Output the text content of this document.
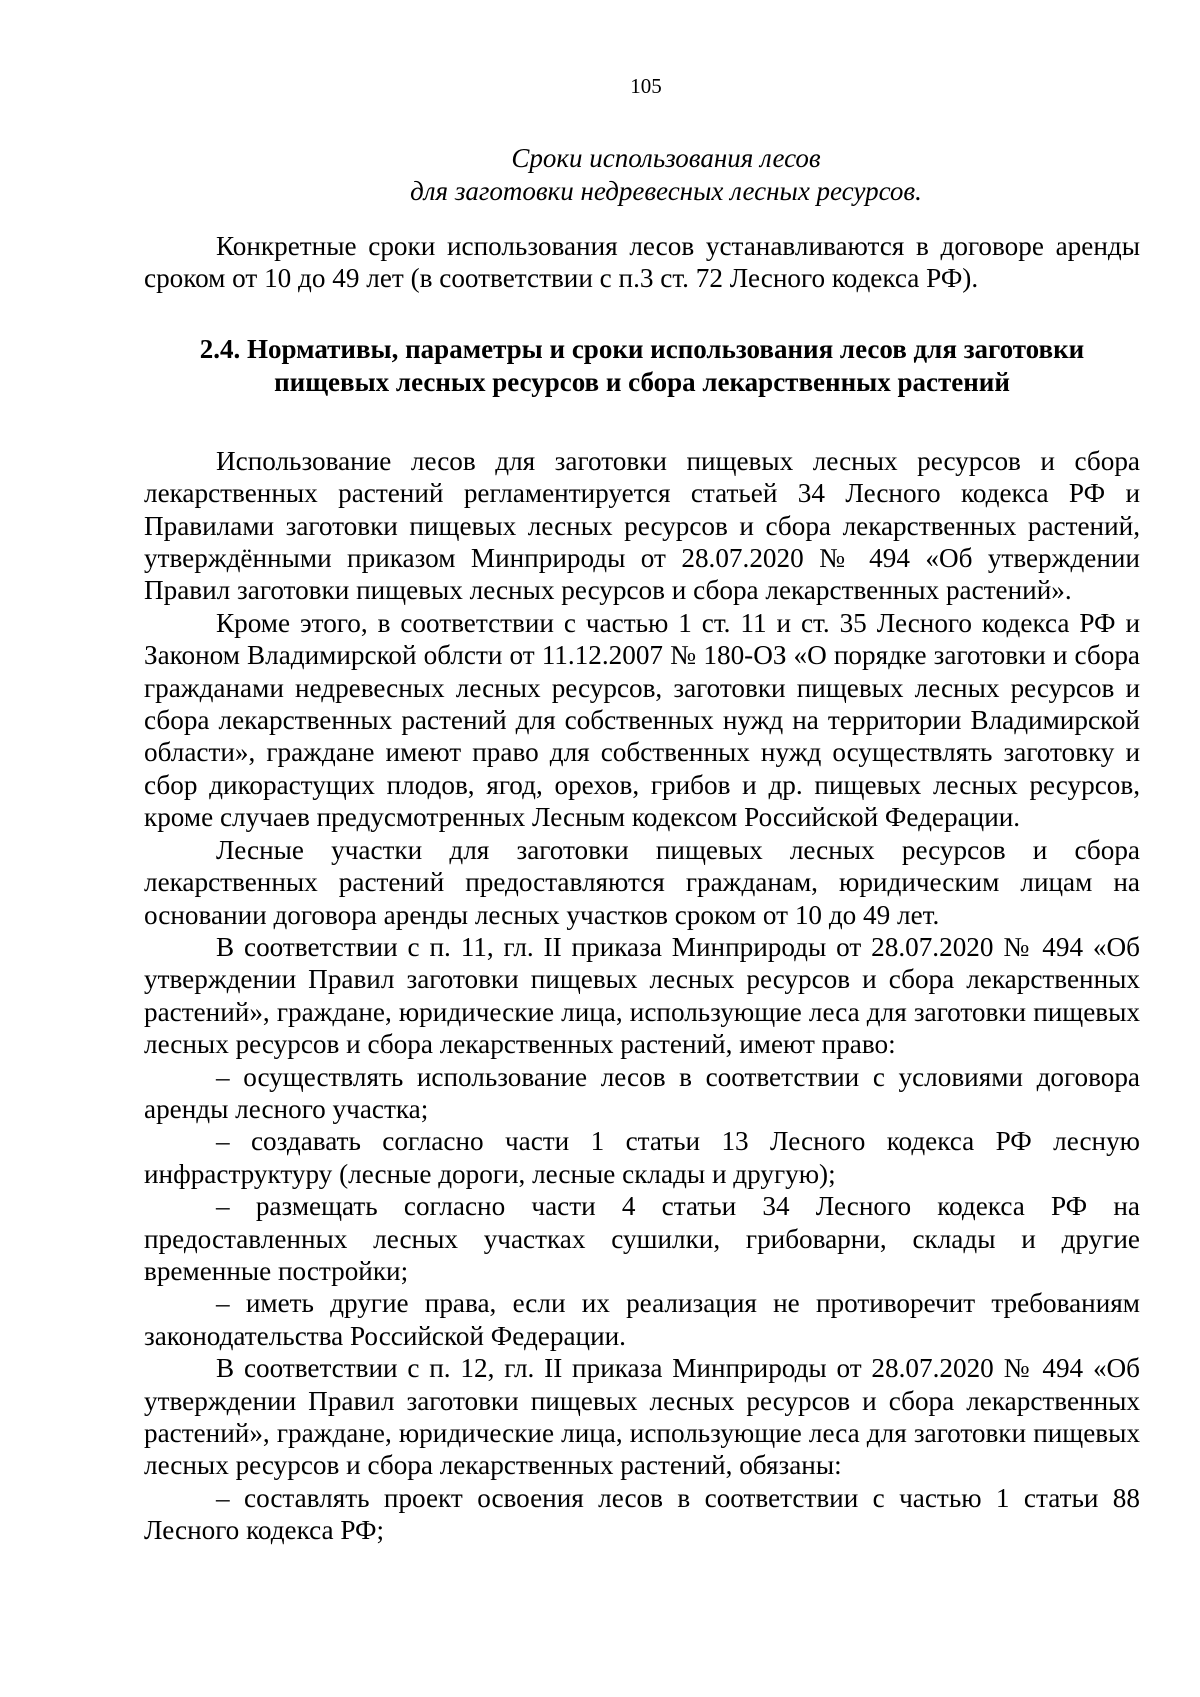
105
Сроки использования лесов
для заготовки недревесных лесных ресурсов.

Конкретные сроки использования лесов устанавливаются в договоре аренды сроком от 10 до 49 лет (в соответствии с п.3 ст. 72 Лесного кодекса РФ).

2.4. Нормативы, параметры и сроки использования лесов для заготовки
пищевых лесных ресурсов и сбора лекарственных растений

Использование лесов для заготовки пищевых лесных ресурсов и сбора лекарственных растений регламентируется статьей 34 Лесного кодекса РФ и Правилами заготовки пищевых лесных ресурсов и сбора лекарственных растений, утверждёнными приказом Минприроды от 28.07.2020 № 494 «Об утверждении Правил заготовки пищевых лесных ресурсов и сбора лекарственных растений».

Кроме этого, в соответствии с частью 1 ст. 11 и ст. 35 Лесного кодекса РФ и Законом Владимирской облсти от 11.12.2007 № 180-ОЗ «О порядке заготовки и сбора гражданами недревесных лесных ресурсов, заготовки пищевых лесных ресурсов и сбора лекарственных растений для собственных нужд на территории Владимирской области», граждане имеют право для собственных нужд осуществлять заготовку и сбор дикорастущих плодов, ягод, орехов, грибов и др. пищевых лесных ресурсов, кроме случаев предусмотренных Лесным кодексом Российской Федерации.

Лесные участки для заготовки пищевых лесных ресурсов и сбора лекарственных растений предоставляются гражданам, юридическим лицам на основании договора аренды лесных участков сроком от 10 до 49 лет.

В соответствии с п. 11, гл. II приказа Минприроды от 28.07.2020 № 494 «Об утверждении Правил заготовки пищевых лесных ресурсов и сбора лекарственных растений», граждане, юридические лица, использующие леса для заготовки пищевых лесных ресурсов и сбора лекарственных растений, имеют право:

– осуществлять использование лесов в соответствии с условиями договора аренды лесного участка;

– создавать согласно части 1 статьи 13 Лесного кодекса РФ лесную инфраструктуру (лесные дороги, лесные склады и другую);

– размещать согласно части 4 статьи 34 Лесного кодекса РФ на предоставленных лесных участках сушилки, грибоварни, склады и другие временные постройки;

– иметь другие права, если их реализация не противоречит требованиям законодательства Российской Федерации.

В соответствии с п. 12, гл. II приказа Минприроды от 28.07.2020 № 494 «Об утверждении Правил заготовки пищевых лесных ресурсов и сбора лекарственных растений», граждане, юридические лица, использующие леса для заготовки пищевых лесных ресурсов и сбора лекарственных растений, обязаны:

– составлять проект освоения лесов в соответствии с частью 1 статьи 88 Лесного кодекса РФ;
